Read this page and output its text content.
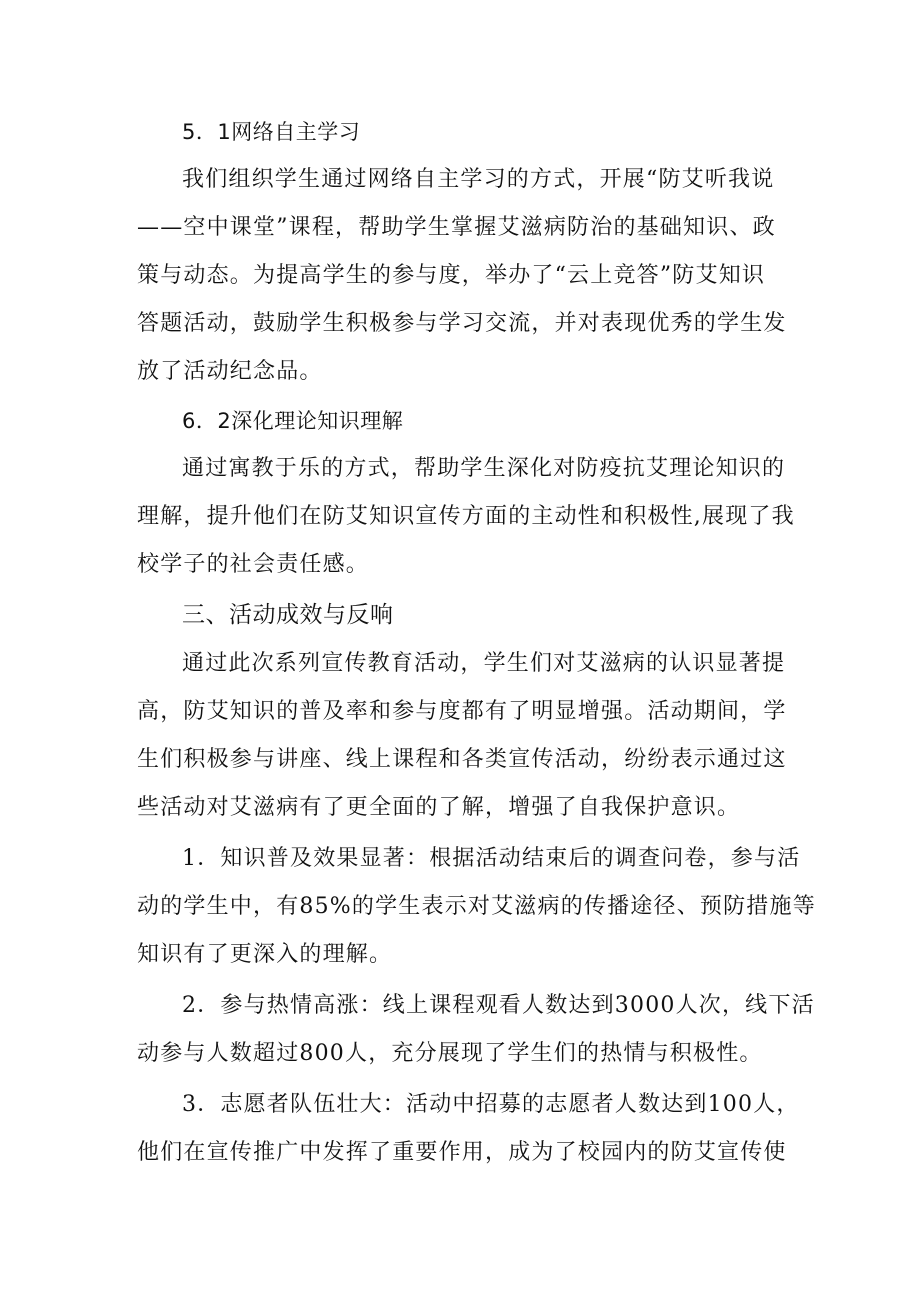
5．1网络自主学习
我们组织学生通过网络自主学习的方式，开展“防艾听我说
——空中课堂”课程，帮助学生掌握艾滋病防治的基础知识、政
策与动态。为提高学生的参与度，举办了“云上竞答”防艾知识
答题活动，鼓励学生积极参与学习交流，并对表现优秀的学生发
放了活动纪念品。
6．2深化理论知识理解
通过寓教于乐的方式，帮助学生深化对防疫抗艾理论知识的
理解，提升他们在防艾知识宣传方面的主动性和积极性,展现了我
校学子的社会责任感。
三、活动成效与反响
通过此次系列宣传教育活动，学生们对艾滋病的认识显著提
高，防艾知识的普及率和参与度都有了明显增强。活动期间，学
生们积极参与讲座、线上课程和各类宣传活动，纷纷表示通过这
些活动对艾滋病有了更全面的了解，增强了自我保护意识。
1．知识普及效果显著：根据活动结束后的调查问卷，参与活
动的学生中，有85%的学生表示对艾滋病的传播途径、预防措施等
知识有了更深入的理解。
2．参与热情高涨：线上课程观看人数达到3000人次，线下活
动参与人数超过800人，充分展现了学生们的热情与积极性。
3．志愿者队伍壮大：活动中招募的志愿者人数达到100人，
他们在宣传推广中发挥了重要作用，成为了校园内的防艾宣传使
